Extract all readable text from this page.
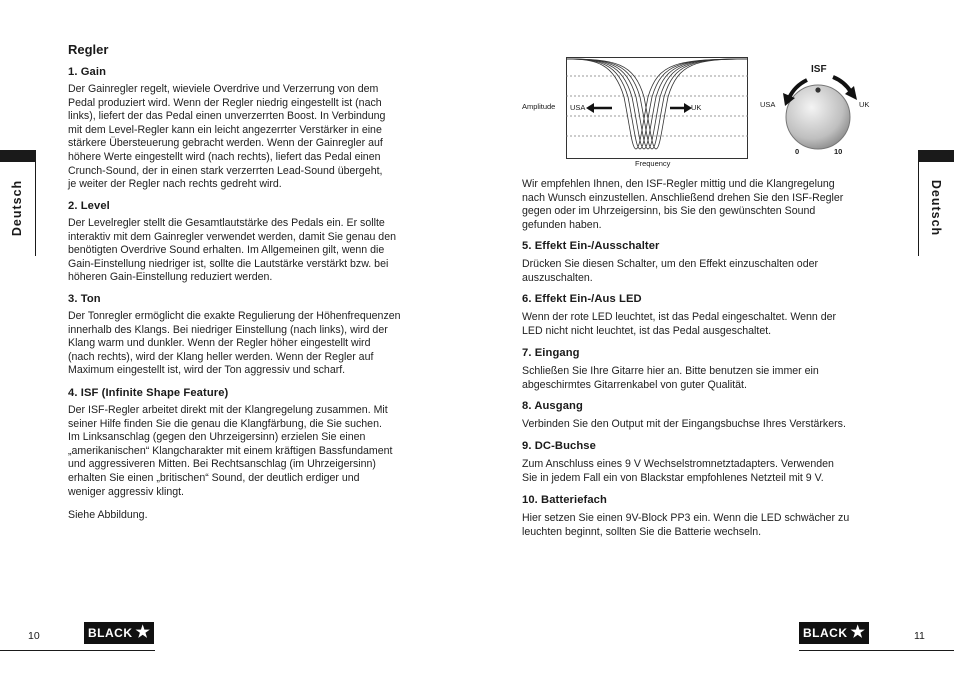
Regler
1. Gain
Der Gainregler regelt, wieviele Overdrive und Verzerrung von dem
Pedal produziert wird. Wenn der Regler niedrig eingestellt ist (nach
links), liefert der das Pedal einen unverzerrten Boost. In Verbindung
mit dem Level-Regler kann ein leicht angezerrter Verstärker in eine
stärkere Übersteuerung gebracht werden. Wenn der Gainregler auf
höhere Werte eingestellt wird (nach rechts), liefert das Pedal einen
Crunch-Sound, der in einen stark verzerrten Lead-Sound übergeht,
je weiter der Regler nach rechts gedreht wird.
2. Level
Der Levelregler stellt die Gesamtlautstärke des Pedals ein. Er sollte
interaktiv mit dem Gainregler verwendet werden, damit Sie genau den
benötigten Overdrive Sound erhalten. Im Allgemeinen gilt, wenn die
Gain-Einstellung niedriger ist, sollte die Lautstärke verstärkt bzw. bei
höheren Gain-Einstellung reduziert werden.
3. Ton
Der Tonregler ermöglicht die exakte Regulierung der Höhenfrequenzen
innerhalb des Klangs. Bei niedriger Einstellung (nach links), wird der
Klang warm und dunkler. Wenn der Regler höher eingestellt wird
(nach rechts), wird der Klang heller werden. Wenn der Regler auf
Maximum eingestellt ist, wird der Ton aggressiv und scharf.
4. ISF (Infinite Shape Feature)
Der ISF-Regler arbeitet direkt mit der Klangregelung zusammen. Mit
seiner Hilfe finden Sie die genau die Klangfärbung, die Sie suchen.
Im Linksanschlag (gegen den Uhrzeigersinn) erzielen Sie einen
„amerikanischen“ Klangcharakter mit einem kräftigen Bassfundament
und aggressiveren Mitten. Bei Rechtsanschlag (im Uhrzeigersinn)
erhalten Sie einen „britischen“ Sound, der deutlich erdiger und
weniger aggressiv klingt.
Siehe Abbildung.
Deutsch
10	BLACK ★
Amplitude USA	UK
Frequency
ISF
USA	UK
0	10
Wir empfehlen Ihnen, den ISF-Regler mittig und die Klangregelung
nach Wunsch einzustellen. Anschließend drehen Sie den ISF-Regler
gegen oder im Uhrzeigersinn, bis Sie den gewünschten Sound
gefunden haben.
5. Effekt Ein-/Ausschalter
Drücken Sie diesen Schalter, um den Effekt einzuschalten oder
auszuschalten.
6. Effekt Ein-/Aus LED
Wenn der rote LED leuchtet, ist das Pedal eingeschaltet. Wenn der
LED nicht nicht leuchtet, ist das Pedal ausgeschaltet.
7. Eingang
Schließen Sie Ihre Gitarre hier an. Bitte benutzen sie immer ein
abgeschirmtes Gitarrenkabel von guter Qualität.
8. Ausgang
Verbinden Sie den Output mit der Eingangsbuchse Ihres Verstärkers.
9. DC-Buchse
Zum Anschluss eines 9 V Wechselstromnetztadapters. Verwenden
Sie in jedem Fall ein von Blackstar empfohlenes Netzteil mit 9 V.
10. Batteriefach
Hier setzen Sie einen 9V-Block PP3 ein. Wenn die LED schwächer zu
leuchten beginnt, sollten Sie die Batterie wechseln.
Deutsch
BLACK ★	11
